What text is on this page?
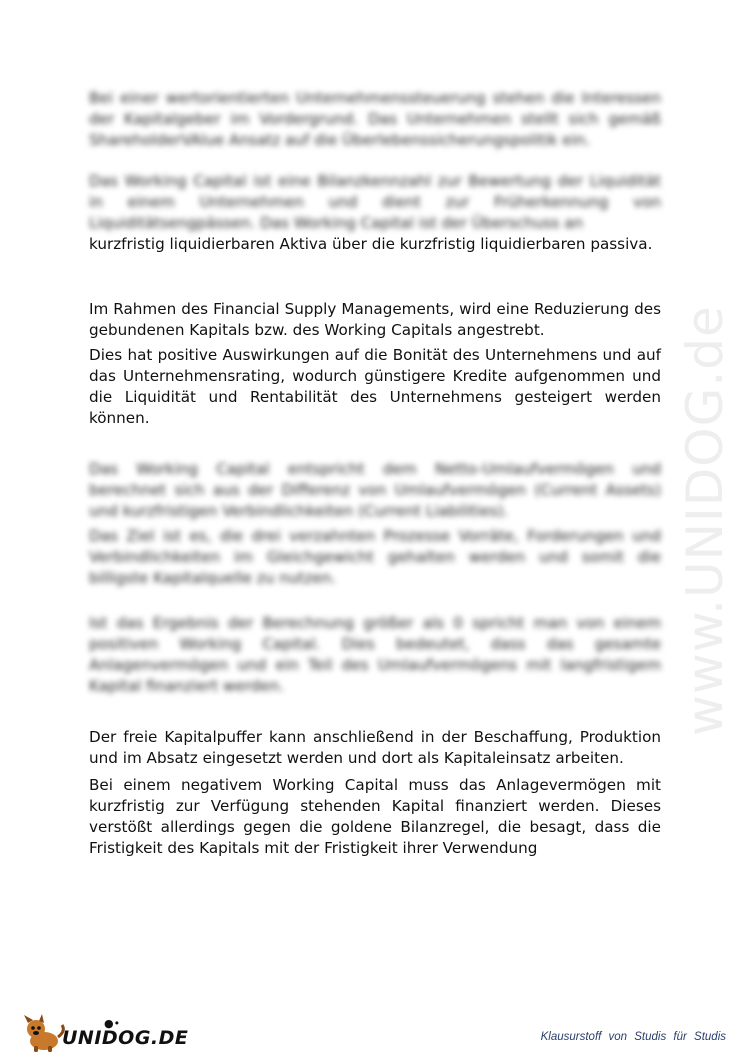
Bei einer wertorientierten Unternehmenssteuerung stehen die Interessen der Kapitalgeber im Vordergrund. Das Unternehmen stellt sich gemäß ShareholderVAlue Ansatz auf die Überlebenssicherungspolitik ein.

Das Working Capital ist eine Bilanzkennzahl zur Bewertung der Liquidität in einem Unternehmen und dient zur Früherkennung von Liquiditätsengpässen. Das Working Capital ist der Überschuss an

kurzfristig liquidierbaren Aktiva über die kurzfristig liquidierbaren passiva.

Im Rahmen des Financial Supply Managements, wird eine Reduzierung des gebundenen Kapitals bzw. des Working Capitals angestrebt.

Dies hat positive Auswirkungen auf die Bonität des Unternehmens und auf das Unternehmensrating, wodurch günstigere Kredite aufgenommen und die Liquidität und Rentabilität des Unternehmens gesteigert werden können.

Das Working Capital entspricht dem Netto-Umlaufvermögen und berechnet sich aus der Differenz von Umlaufvermögen (Current Assets) und kurzfristigen Verbindlichkeiten (Current Liabilities).

Das Ziel ist es, die drei verzahnten Prozesse Vorräte, Forderungen und Verbindlichkeiten im Gleichgewicht gehalten werden und somit die billigste Kapitalquelle zu nutzen.

Ist das Ergebnis der Berechnung größer als 0 spricht man von einem positiven Working Capital. Dies bedeutet, dass das gesamte Anlagenvermögen und ein Teil des Umlaufvermögens mit langfristigem Kapital finanziert werden.

Der freie Kapitalpuffer kann anschließend in der Beschaffung, Produktion und im Absatz eingesetzt werden und dort als Kapitaleinsatz arbeiten.

Bei einem negativem Working Capital muss das Anlagevermögen mit kurzfristig zur Verfügung stehenden Kapital finanziert werden. Dieses verstößt allerdings gegen die goldene Bilanzregel, die besagt, dass die Fristigkeit des Kapitals mit der Fristigkeit ihrer Verwendung

www.UNIDOG.de
●•
UNIDOG.DE	Klausurstoff von Studis für Studis
